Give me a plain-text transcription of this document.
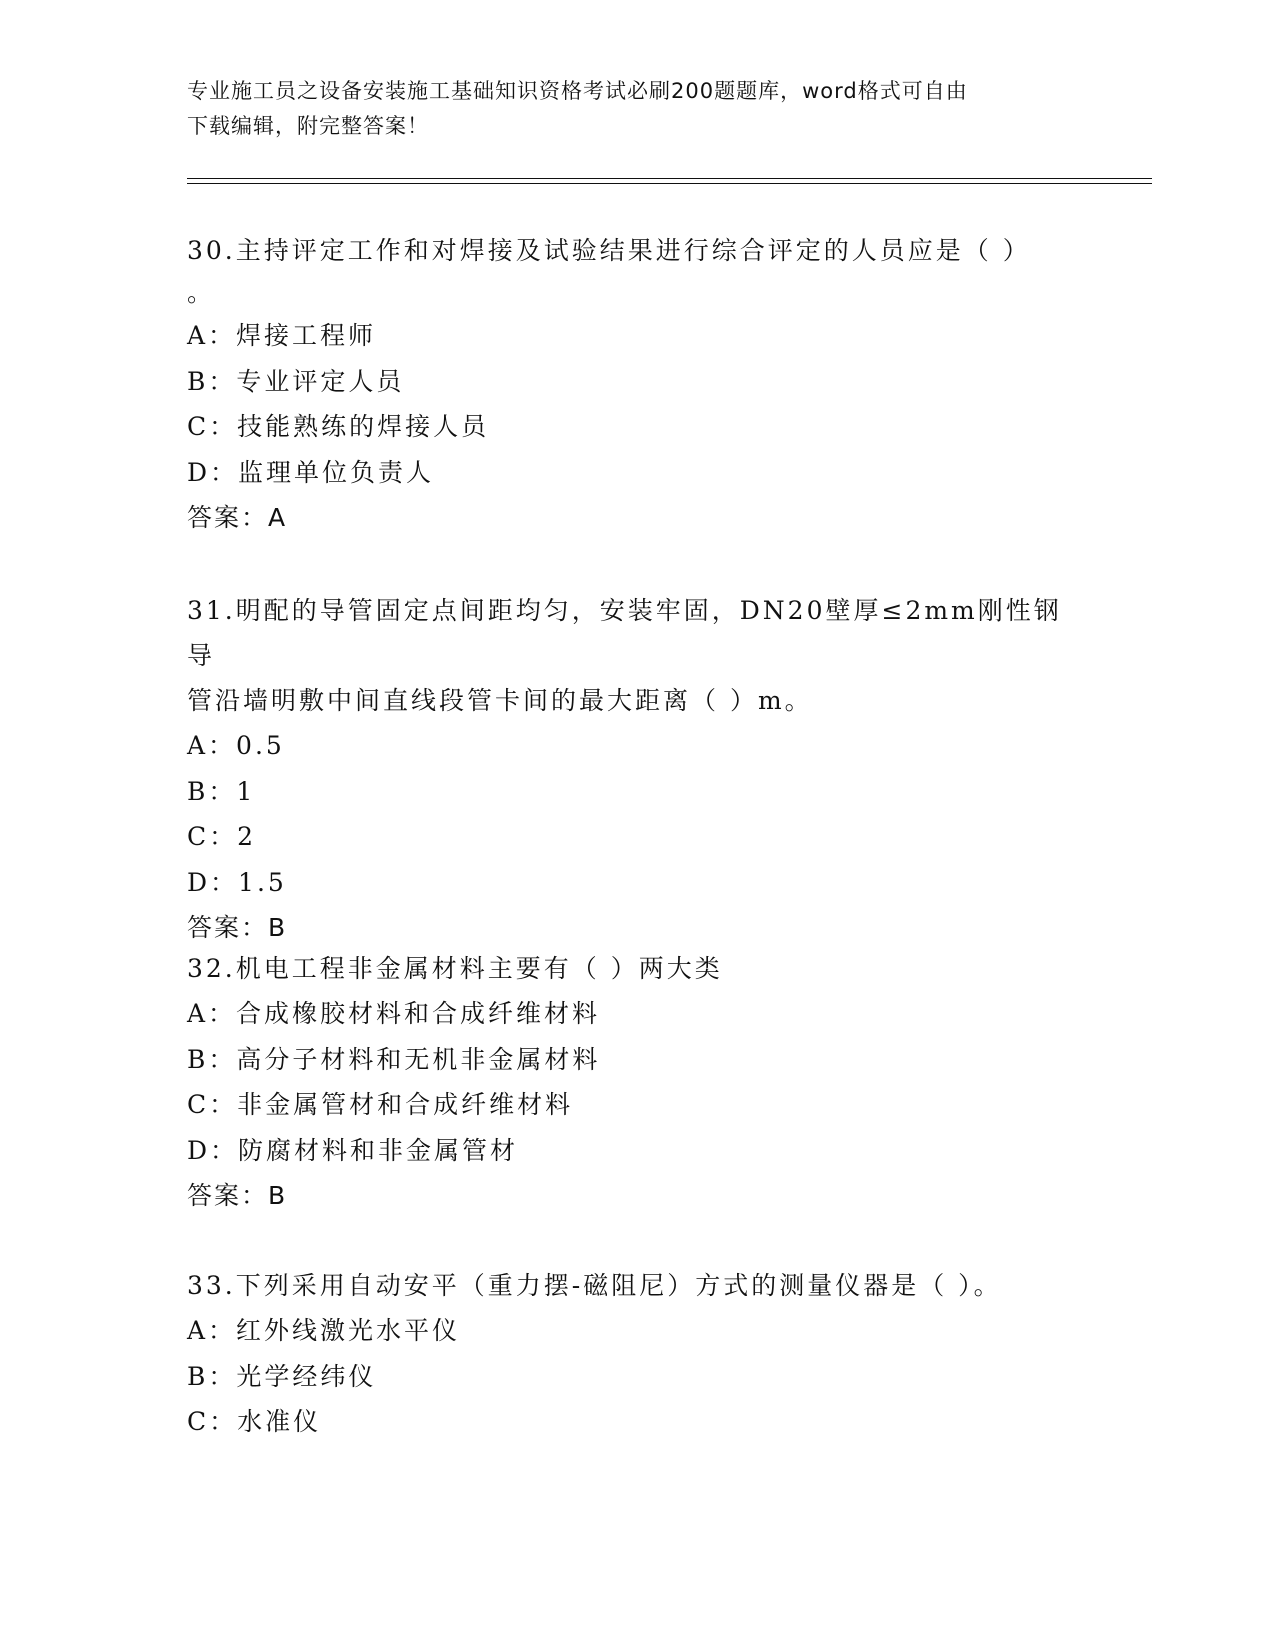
专业施工员之设备安装施工基础知识资格考试必刷200题题库，word格式可自由
下载编辑，附完整答案！
30.主持评定工作和对焊接及试验结果进行综合评定的人员应是（ ）
。
A：焊接工程师
B：专业评定人员
C：技能熟练的焊接人员
D：监理单位负责人
答案：A
31.明配的导管固定点间距均匀，安装牢固，DN20壁厚≤2mm刚性钢导
管沿墙明敷中间直线段管卡间的最大距离（ ）m。
A：0.5
B：1
C：2
D：1.5
答案：B
32.机电工程非金属材料主要有（ ）两大类
A：合成橡胶材料和合成纤维材料
B：高分子材料和无机非金属材料
C：非金属管材和合成纤维材料
D：防腐材料和非金属管材
答案：B
33.下列采用自动安平（重力摆-磁阻尼）方式的测量仪器是（ ）。
A：红外线激光水平仪
B：光学经纬仪
C：水准仪
